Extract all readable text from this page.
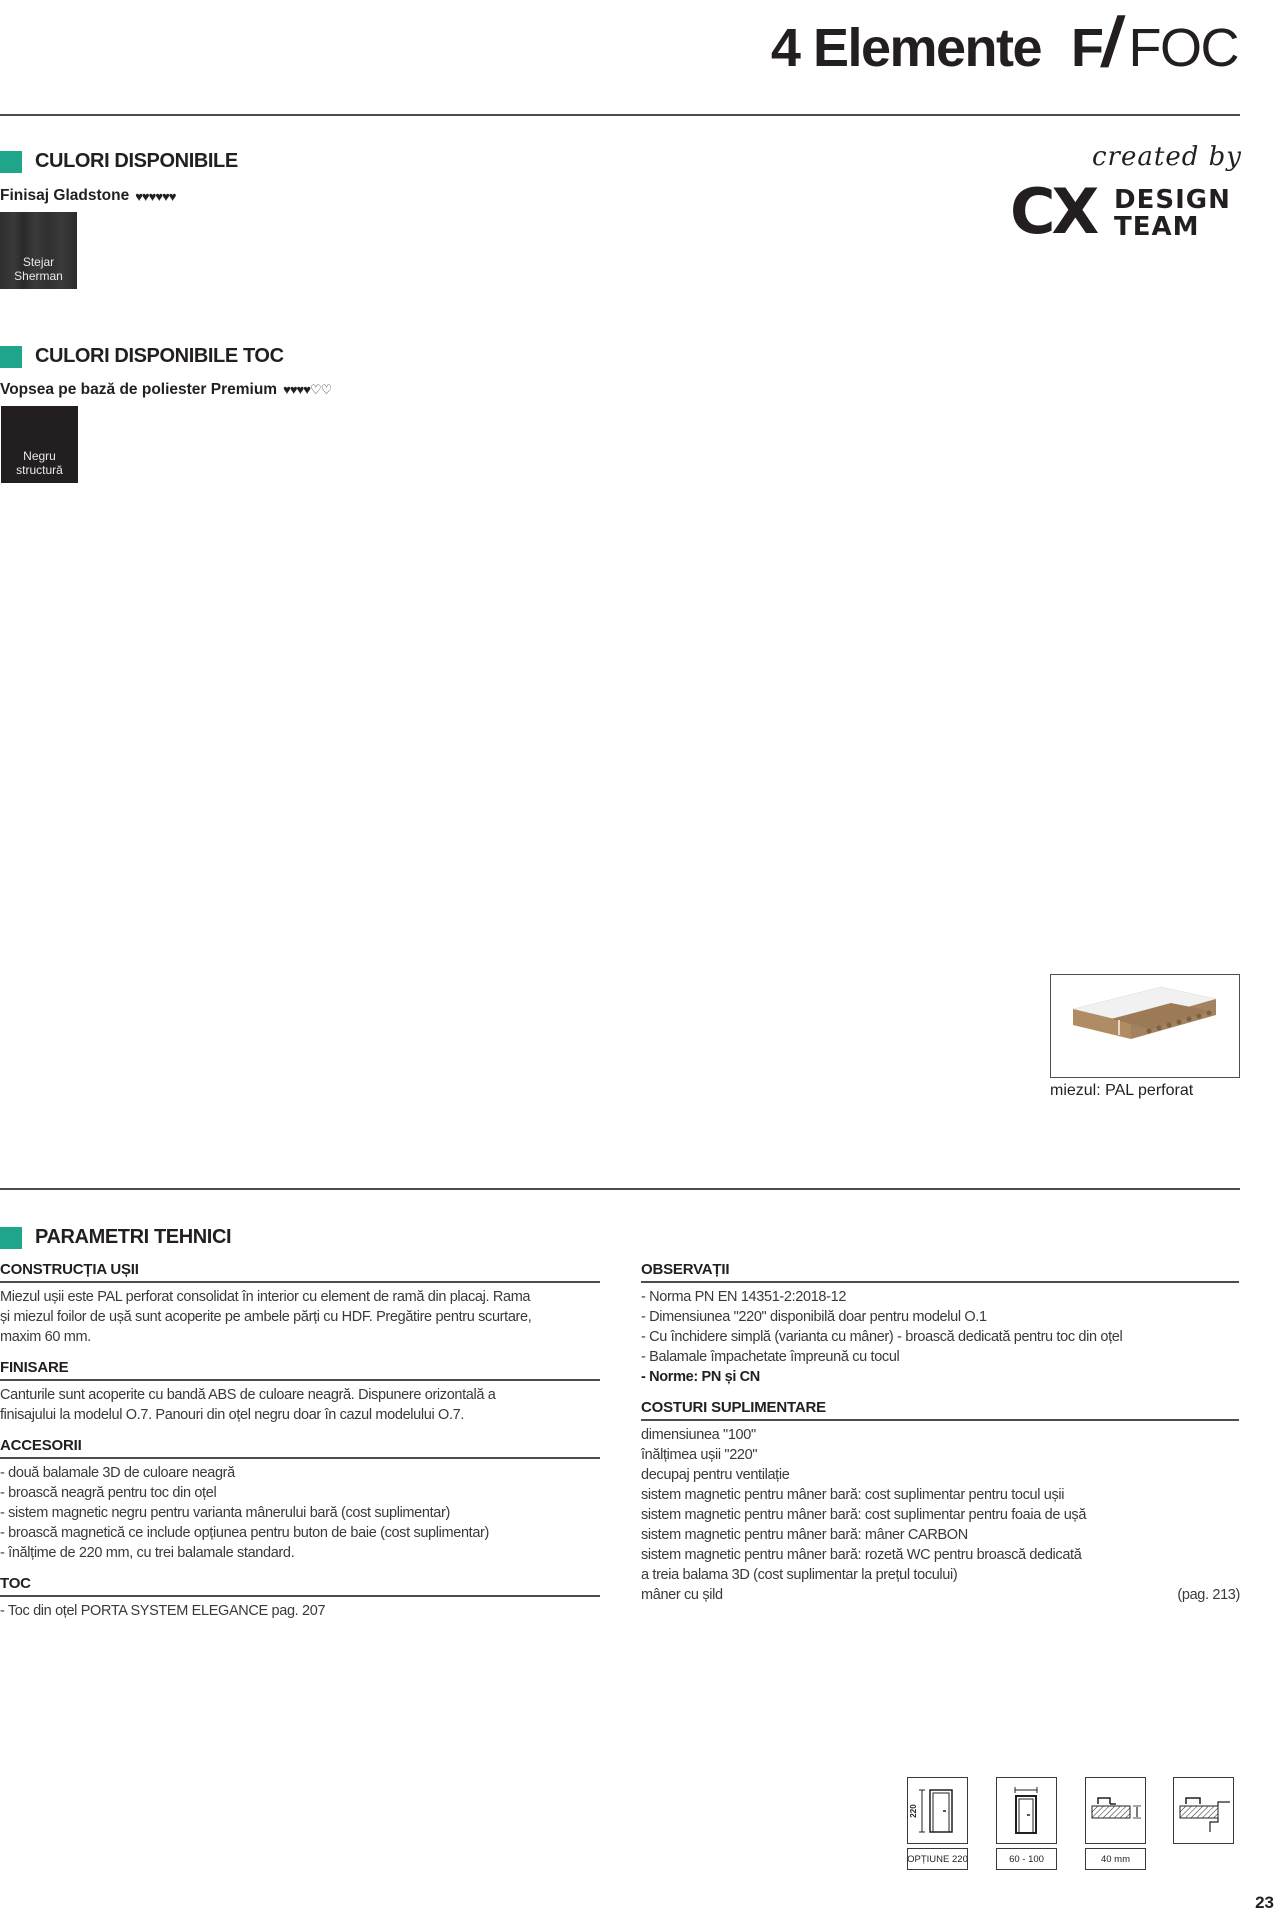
4 Elemente F/FOC
CULORI DISPONIBILE
Finisaj Gladstone ♥♥♥♥♥♥
Stejar
Sherman
created by
CX DESIGN
TEAM
CULORI DISPONIBILE TOC
Vopsea pe bază de poliester Premium ♥♥♥♥♡♡
Negru
structură
miezul: PAL perforat
PARAMETRI TEHNICI
CONSTRUCȚIA UȘII
Miezul ușii este PAL perforat consolidat în interior cu element de ramă din placaj. Rama
și miezul foilor de ușă sunt acoperite pe ambele părți cu HDF. Pregătire pentru scurtare,
maxim 60 mm.
FINISARE
Canturile sunt acoperite cu bandă ABS de culoare neagră. Dispunere orizontală a
finisajului la modelul O.7. Panouri din oțel negru doar în cazul modelului O.7.
ACCESORII
- două balamale 3D de culoare neagră
- broască neagră pentru toc din oțel
- sistem magnetic negru pentru varianta mânerului bară (cost suplimentar)
- broască magnetică ce include opțiunea pentru buton de baie (cost suplimentar)
- înălțime de 220 mm, cu trei balamale standard.
TOC
- Toc din oțel PORTA SYSTEM ELEGANCE pag. 207
OBSERVAȚII
- Norma PN EN 14351-2:2018-12
- Dimensiunea "220" disponibilă doar pentru modelul O.1
- Cu închidere simplă (varianta cu mâner) - broască dedicată pentru toc din oțel
- Balamale împachetate împreună cu tocul
- Norme: PN și CN
COSTURI SUPLIMENTARE
dimensiunea "100"
înălțimea ușii "220"
decupaj pentru ventilație
sistem magnetic pentru mâner bară: cost suplimentar pentru tocul ușii
sistem magnetic pentru mâner bară: cost suplimentar pentru foaia de ușă
sistem magnetic pentru mâner bară: mâner CARBON
sistem magnetic pentru mâner bară: rozetă WC pentru broască dedicată
a treia balama 3D (cost suplimentar la prețul tocului)
mâner cu șild	(pag. 213)
220
OPȚIUNE 220	60 - 100	40 mm
23
